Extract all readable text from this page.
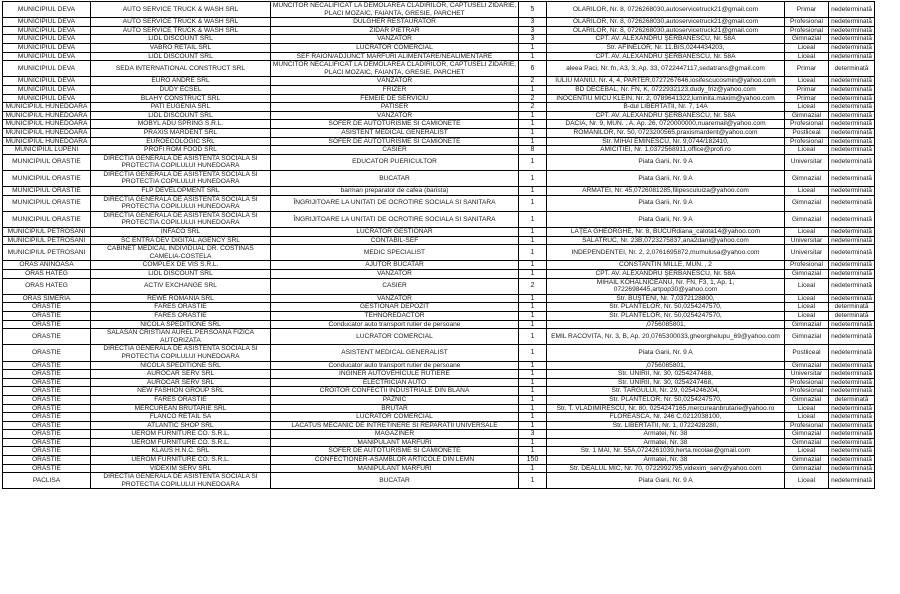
MUNICIPIUL DEVA	AUTO SERVICE TRUCK & WASH SRL	MUNCITOR NECALIFICAT LA DEMOLAREA CLADIRILOR, CAPTUSELI ZIDARIE, PLACI MOZAIC, FAIANTA, GRESIE, PARCHET	5	OLARILOR, Nr. 8, 0726268030,autoservicetruck21@gmail.com	Primar	nedeterminată
MUNICIPIUL DEVA	AUTO SERVICE TRUCK & WASH SRL	DULGHER RESTAURATOR	3	OLARILOR, Nr. 8, 0726268030,autoservicetruck21@gmail.com	Profesional	nedeterminată
MUNICIPIUL DEVA	AUTO SERVICE TRUCK & WASH SRL	ZIDAR PIETRAR	3	OLARILOR, Nr. 8, 0726268030,autoservicetruck21@gmail.com	Profesional	nedeterminată
MUNICIPIUL DEVA	LIDL DISCOUNT SRL	VANZATOR	3	CPT. AV. ALEXANDRU ŞERBANESCU, Nr. 58A	Gimnazial	nedeterminată
MUNICIPIUL DEVA	VABRO RETAIL SRL	LUCRATOR COMERCIAL	1	Str. AFINELOR, Nr. 11.BIS,0244434203,	Liceal	nedeterminată
MUNICIPIUL DEVA	LIDL DISCOUNT SRL	SEF RAION/ADJUNCT MARFURI ALIMENTARE/NEALIMENTARE	1	CPT. AV. ALEXANDRU ŞERBANESCU, Nr. 58A	Liceal	nedeterminată
MUNICIPIUL DEVA	SEDA INTERNATIONAL CONSTRUCT SRL	MUNCITOR NECALIFICAT LA DEMOLAREA CLADIRILOR, CAPTUSELI ZIDARIE, PLACI MOZAIC, FAIANTA, GRESIE, PARCHET	6	aleea Paci, Nr. fn, A3, 3, Ap. 33, 0722447117,sedatrans@gmail.com	Primar	determinată
MUNICIPIUL DEVA	EURO ANDRE SRL	VÂNZATOR	2	IULIU MANIU, Nr. 4, 4, PARTER,0727267646,iosifescucosmin@yahoo.com	Liceal	nedeterminată
MUNICIPIUL DEVA	DUDY ECSEL	FRIZER	1	BD DECEBAL, Nr. FN, K, 0722932123,dudy_friz@yahoo.com	Primar	nedeterminată
MUNICIPIUL DEVA	BLAHY CONSTRUCT SRL	FEMEIE DE SERVICIU	2	INOCENTIU MICU KLEIN, Nr. 2, 0789641322,luminita.maxim@yahoo.com	Primar	nedeterminată
MUNICIPIUL HUNEDOARA	PATI EUGENIA SRL	PATISER	2	B-dul LIBERTATII, Nr. 7, 14A	Liceal	nedeterminată
MUNICIPIUL HUNEDOARA	LIDL DISCOUNT SRL	VÂNZATOR	1	CPT. AV. ALEXANDRU ŞERBĂNESCU, Nr. 58A	Gimnazial	nedeterminată
MUNICIPIUL HUNEDOARA	MOBYL ADU SPRING S.R.L.	SOFER DE AUTOTURISME SI CAMIONETE	1	DACIA, Nr. 9, MUN. , A, Ap. 26, 0720000000,nuaremail@yahoo.com	Profesional	nedeterminată
MUNICIPIUL HUNEDOARA	PRAXIS MARDENT SRL	ASISTENT MEDICAL GENERALIST	1	ROMANILOR, Nr. 50, 0723200565,praxismardent@yahoo.com	Postliceal	nedeterminată
MUNICIPIUL HUNEDOARA	EUROECOLOGIC SRL	SOFER DE AUTOTURISME SI CAMIONETE	1	Str. MIHAI EMINESCU, Nr. 9,0744/182410,	Profesional	nedeterminată
MUNICIPIUL LUPENI	PROFI ROM FOOD SRL	CASIER	8	AMICITIEI, Nr. 1,0372568911,office@profi.ro	Liceal	nedeterminată
MUNICIPIUL ORASTIE	DIRECTIA GENERALA DE ASISTENTA SOCIALA SI PROTECTIA COPILULUI HUNEDOARA	EDUCATOR PUERICULTOR	1	Piata Garii, Nr. 9 A	Universitar	nedeterminată
MUNICIPIUL ORASTIE	DIRECTIA GENERALA DE ASISTENTA SOCIALA SI PROTECTIA COPILULUI HUNEDOARA	BUCATAR	1	Piata Garii, Nr. 9 A	Gimnazial	nedeterminată
MUNICIPIUL ORASTIE	FLP DEVELOPMENT SRL	barman preparator de cafea (barista)	1	ARMATEI, Nr. 45,0726081285,filipesculuiza@yahoo.com	Liceal	nedeterminată
MUNICIPIUL ORASTIE	DIRECTIA GENERALA DE ASISTENTA SOCIALA SI PROTECTIA COPILULUI HUNEDOARA	ÎNGRIJITOARE LA UNITATI DE OCROTIRE SOCIALA SI SANITARA	1	Piata Garii, Nr. 9 A	Gimnazial	nedeterminată
MUNICIPIUL ORASTIE	DIRECTIA GENERALA DE ASISTENTA SOCIALA SI PROTECTIA COPILULUI HUNEDOARA	ÎNGRIJITOARE LA UNITATI DE OCROTIRE SOCIALA SI SANITARA	1	Piata Garii, Nr. 9 A	Gimnazial	nedeterminată
MUNICIPIUL PETROSANI	INFACO SRL	LUCRATOR GESTIONAR	1	LĂŢEA GHEORGHE, Nr. 8, BUCURdiana_calota14@yahoo.com	Liceal	nedeterminată
MUNICIPIUL PETROSANI	SC ENTRA DEV DIGITAL AGENCY SRL	CONTABIL-SEF	1	SALATRUC, Nr. 23B,0723275837,ana2dani@yahoo.com	Universitar	nedeterminată
MUNICIPIUL PETROSANI	CABINET MEDICAL INDIVIDUAL DR. COSTINAS CAMELIA-COSTELA	MEDIC SPECIALIST	1	INDEPENDENTEI, Nr. 2, 2,0761695872,mumulusa@yahoo.com	Universitar	nedeterminată
ORAS ANINOASA	COMPLEX DE VIS S.R.L.	AJUTOR BUCATAR	1	CONSTANTIN MILLE, MUN. , 2	Profesional	nedeterminată
ORAS HATEG	LIDL DISCOUNT SRL	VANZATOR	1	CPT. AV. ALEXANDRU ŞERBANESCU, Nr. 58A	Gimnazial	nedeterminată
ORAS HATEG	ACTIV EXCHANGE SRL	CASIER	2	MIHAIL KOHALNICEANU, Nr. FN, F3, 1, Ap. 1, 0722698445,artpop30@yahoo.com	Liceal	nedeterminată
ORAS SIMERIA	REWE ROMANIA SRL	VANZATOR	1	Str. BUŞTENI, Nr. 7,0372128800,	Liceal	nedeterminată
ORASTIE	FARES ORASTIE	GESTIONAR DEPOZIT	1	Str. PLANTELOR, Nr. 50,0254247570,	Liceal	determinată
ORASTIE	FARES ORASTIE	TEHNOREDACTOR	1	Str. PLANTELOR, Nr. 50,0254247570,	Liceal	determinată
ORASTIE	NICOLA SPEDITIONE SRL	Conducator auto transport rutier de persoane	1	,0756085801,	Gimnazial	nedeterminată
ORASTIE	SALASAN CRISTIAN AUREL PERSOANA FIZICA AUTORIZATA	LUCRATOR COMERCIAL	1	EMIL RACOVITA, Nr. 3, B, Ap. 20,0765300033,gheorghelupu_69@yahoo.com	Gimnazial	nedeterminată
ORASTIE	DIRECTIA GENERALA DE ASISTENTA SOCIALA SI PROTECTIA COPILULUI HUNEDOARA	ASISTENT MEDICAL GENERALIST	1	Piata Garii, Nr. 9 A	Postliceal	nedeterminată
ORASTIE	NICOLA SPEDITIONE SRL	Conducator auto transport rutier de persoane	1	,0756085801,	Gimnazial	nedeterminată
ORASTIE	AUROCAR SERV SRL	INGINER AUTOVEHICULE RUTIERE	1	Str. UNIRII, Nr. 30, 0254247468,	Universitar	nedeterminată
ORASTIE	AUROCAR SERV SRL	ELECTRICIAN AUTO	1	Str. UNIRII, Nr. 30, 0254247468,	Profesional	nedeterminată
ORASTIE	NEW FASHION GROUP SRL	CROITOR CONFECTII INDUSTRIALE DIN BLANA	1	Str. TARGULUI, Nr. 29, 0254246204,	Profesional	nedeterminată
ORASTIE	FARES ORASTIE	PAZNIC	1	Str. PLANTELOR, Nr. 50,0254247570,	Gimnazial	determinată
ORASTIE	MERCUREAN BRUTARIE SRL	BRUTAR	1	Str. T. VLADIMIRESCU, Nr. 80, 0254247165,mercureanbrutarie@yahoo.ro	Liceal	nedeterminată
ORASTIE	FLANCO RETAIL SA	LUCRATOR COMERCIAL	1	FLOREASCA, Nr. 246 C,0212038100,	Liceal	nedeterminată
ORASTIE	ATLANTIC SHOP SRL	LACATUS MECANIC DE INTRETINERE SI REPARATII UNIVERSALE	1	Str. LIBERTATII, Nr. 1, 0722428280,	Profesional	nedeterminată
ORASTIE	UEROM FURNITURE CO. S.R.L.	MAGAZINER	3	Armatei, Nr. 38	Gimnazial	nedeterminată
ORASTIE	UEROM FURNITURE CO. S.R.L.	MANIPULANT MARFURI	1	Armatei, Nr. 38	Gimnazial	nedeterminată
ORASTIE	KLAUS H.N.C. SRL	SOFER DE AUTOTURISME SI CAMIONETE	1	Str. 1 MAI, Nr. 55A,0724261039,herta.nicolae@gmail.com	Liceal	nedeterminată
ORASTIE	UEROM FURNITURE CO. S.R.L.	CONFECTIONER-ASAMBLOR ARTICOLE DIN LEMN	150	Armatei, Nr. 38	Gimnazial	nedeterminată
ORASTIE	VIDEXIM SERV SRL	MANIPULANT MARFURI	1	Str. DEALUL MIC, Nr. 70, 0722992795,videxim_serv@yahoo.com	Gimnazial	nedeterminată
PACLISA	DIRECTIA GENERALA DE ASISTENTA SOCIALA SI PROTECTIA COPILULUI HUNEDOARA	BUCATAR	1	Piata Garii, Nr. 9 A	Liceal	nedeterminată
